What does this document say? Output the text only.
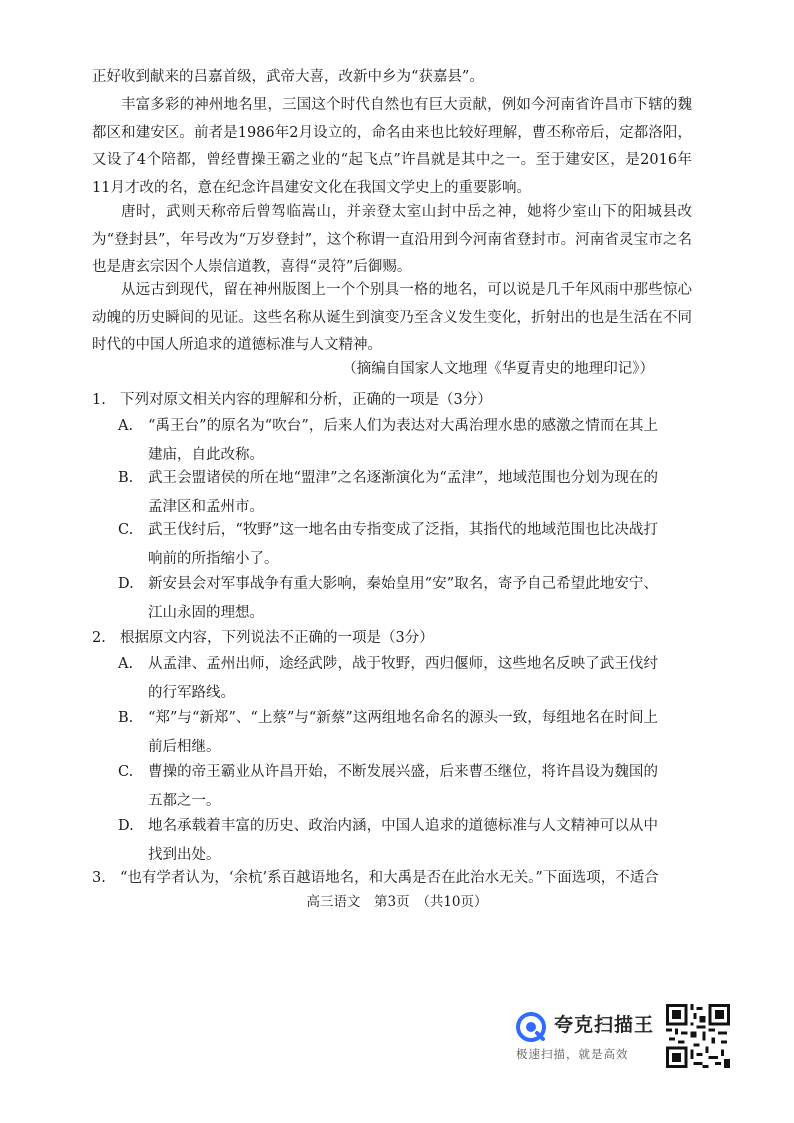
正好收到献来的吕嘉首级，武帝大喜，改新中乡为“获嘉县”。
丰富多彩的神州地名里，三国这个时代自然也有巨大贡献，例如今河南省许昌市下辖的魏都区和建安区。前者是1986年2月设立的，命名由来也比较好理解，曹丕称帝后，定都洛阳，又设了4个陪都，曾经曹操王霸之业的“起飞点”许昌就是其中之一。至于建安区，是2016年11月才改的名，意在纪念许昌建安文化在我国文学史上的重要影响。
唐时，武则天称帝后曾驾临嵩山，并亲登太室山封中岳之神，她将少室山下的阳城县改为“登封县”，年号改为“万岁登封”，这个称谓一直沿用到今河南省登封市。河南省灵宝市之名也是唐玄宗因个人崇信道教，喜得“灵符”后御赐。
从远古到现代，留在神州版图上一个个别具一格的地名，可以说是几千年风雨中那些惊心动魄的历史瞬间的见证。这些名称从诞生到演变乃至含义发生变化，折射出的也是生活在不同时代的中国人所追求的道德标准与人文精神。
（摘编自国家人文地理《华夏青史的地理印记》）
1. 下列对原文相关内容的理解和分析，正确的一项是（3分）
A.	“禹王台”的原名为“吹台”，后来人们为表达对大禹治理水患的感激之情而在其上建庙，自此改称。
B.	武王会盟诸侯的所在地“盟津”之名逐渐演化为“孟津”，地域范围也分划为现在的孟津区和孟州市。
C.	武王伐纣后，“牧野”这一地名由专指变成了泛指，其指代的地域范围也比决战打响前的所指缩小了。
D. 新安县会对军事战争有重大影响，秦始皇用“安”取名，寄予自己希望此地安宁、江山永固的理想。
2. 根据原文内容，下列说法不正确的一项是（3分）
A.	从孟津、孟州出师，途经武陟，战于牧野，西归偃师，这些地名反映了武王伐纣的行军路线。
B.	“郑”与“新郑”、“上蔡”与“新蔡”这两组地名命名的源头一致，每组地名在时间上前后相继。
C.	曹操的帝王霸业从许昌开始，不断发展兴盛，后来曹丕继位，将许昌设为魏国的五都之一。
D. 地名承载着丰富的历史、政治内涵，中国人追求的道德标准与人文精神可以从中找到出处。
3. “也有学者认为，‘余杭’系百越语地名，和大禹是否在此治水无关。”下面选项，不适合
高三语文　第3页　（共10页）
夸克扫描王
极速扫描，就是高效
